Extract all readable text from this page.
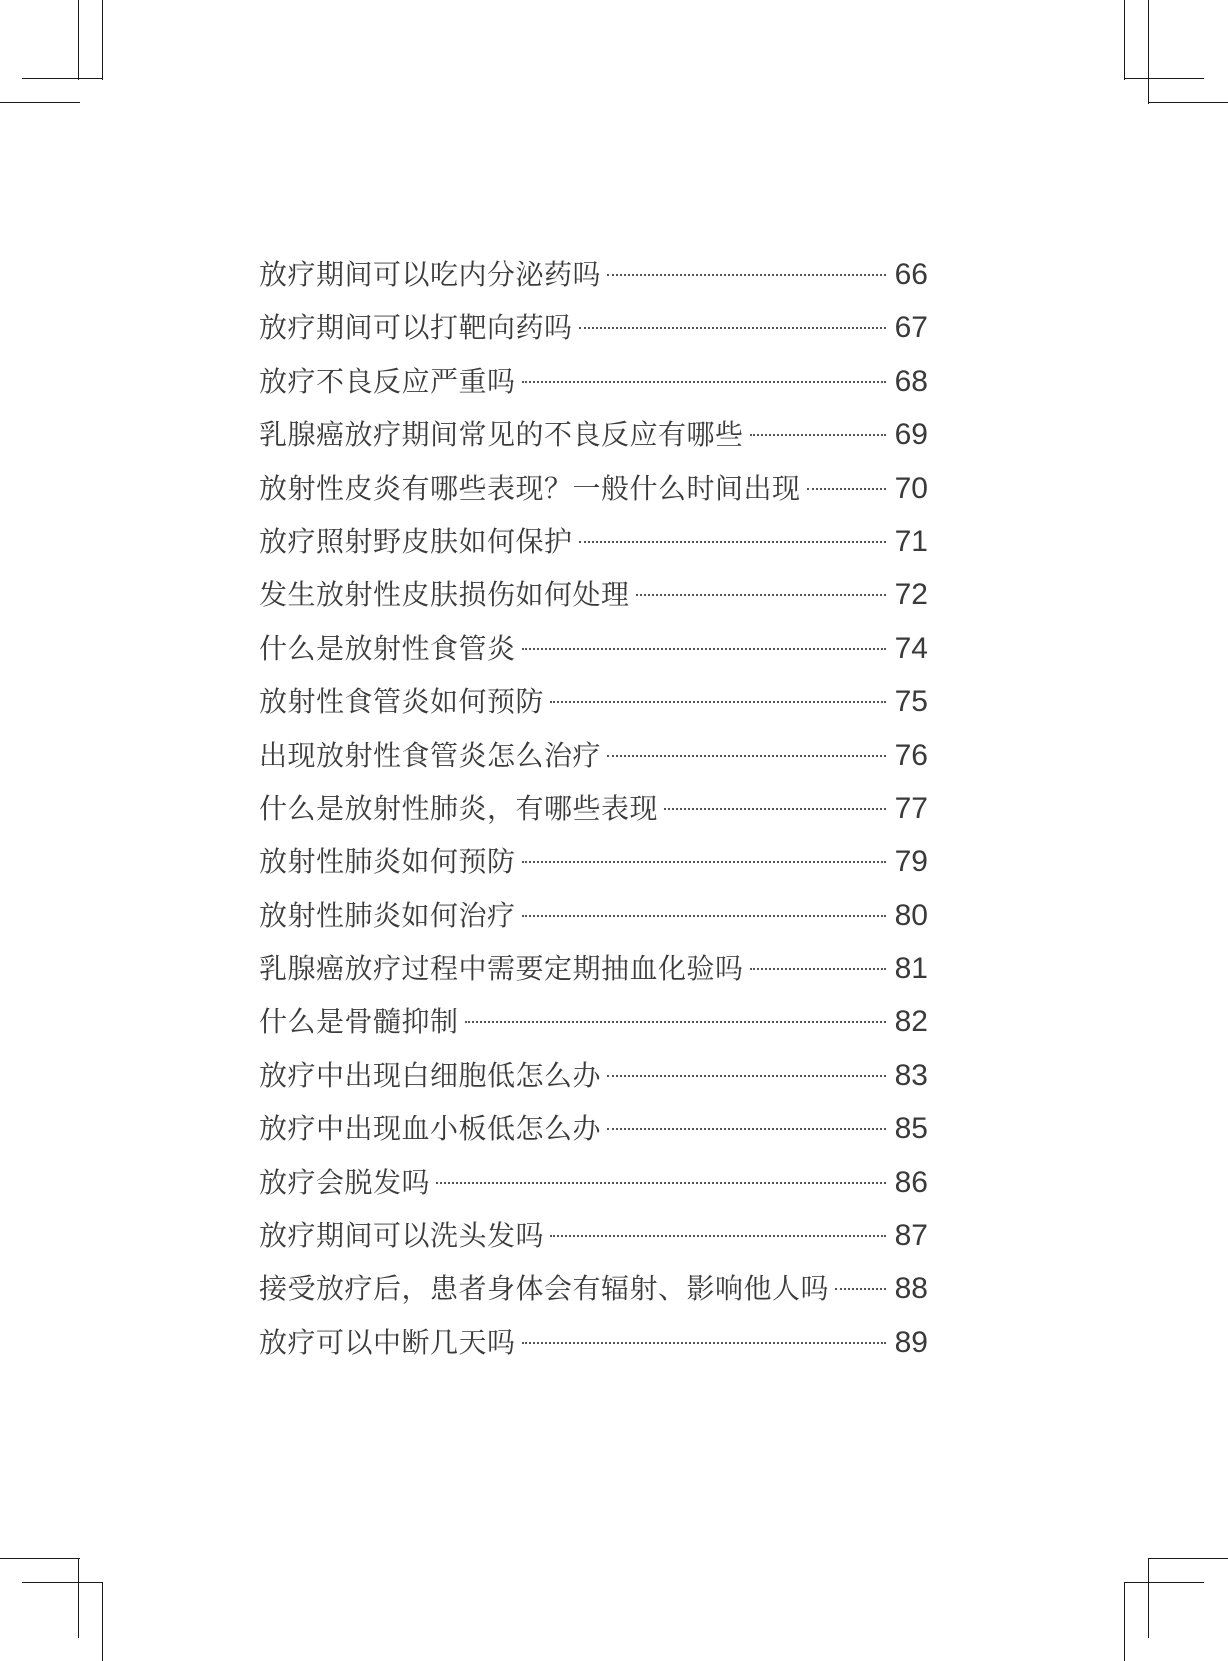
放疗期间可以吃内分泌药吗	66
放疗期间可以打靶向药吗	67
放疗不良反应严重吗	68
乳腺癌放疗期间常见的不良反应有哪些	69
放射性皮炎有哪些表现？一般什么时间出现	70
放疗照射野皮肤如何保护	71
发生放射性皮肤损伤如何处理	72
什么是放射性食管炎	74
放射性食管炎如何预防	75
出现放射性食管炎怎么治疗	76
什么是放射性肺炎，有哪些表现	77
放射性肺炎如何预防	79
放射性肺炎如何治疗	80
乳腺癌放疗过程中需要定期抽血化验吗	81
什么是骨髓抑制	82
放疗中出现白细胞低怎么办	83
放疗中出现血小板低怎么办	85
放疗会脱发吗	86
放疗期间可以洗头发吗	87
接受放疗后，患者身体会有辐射、影响他人吗 88
放疗可以中断几天吗	89
